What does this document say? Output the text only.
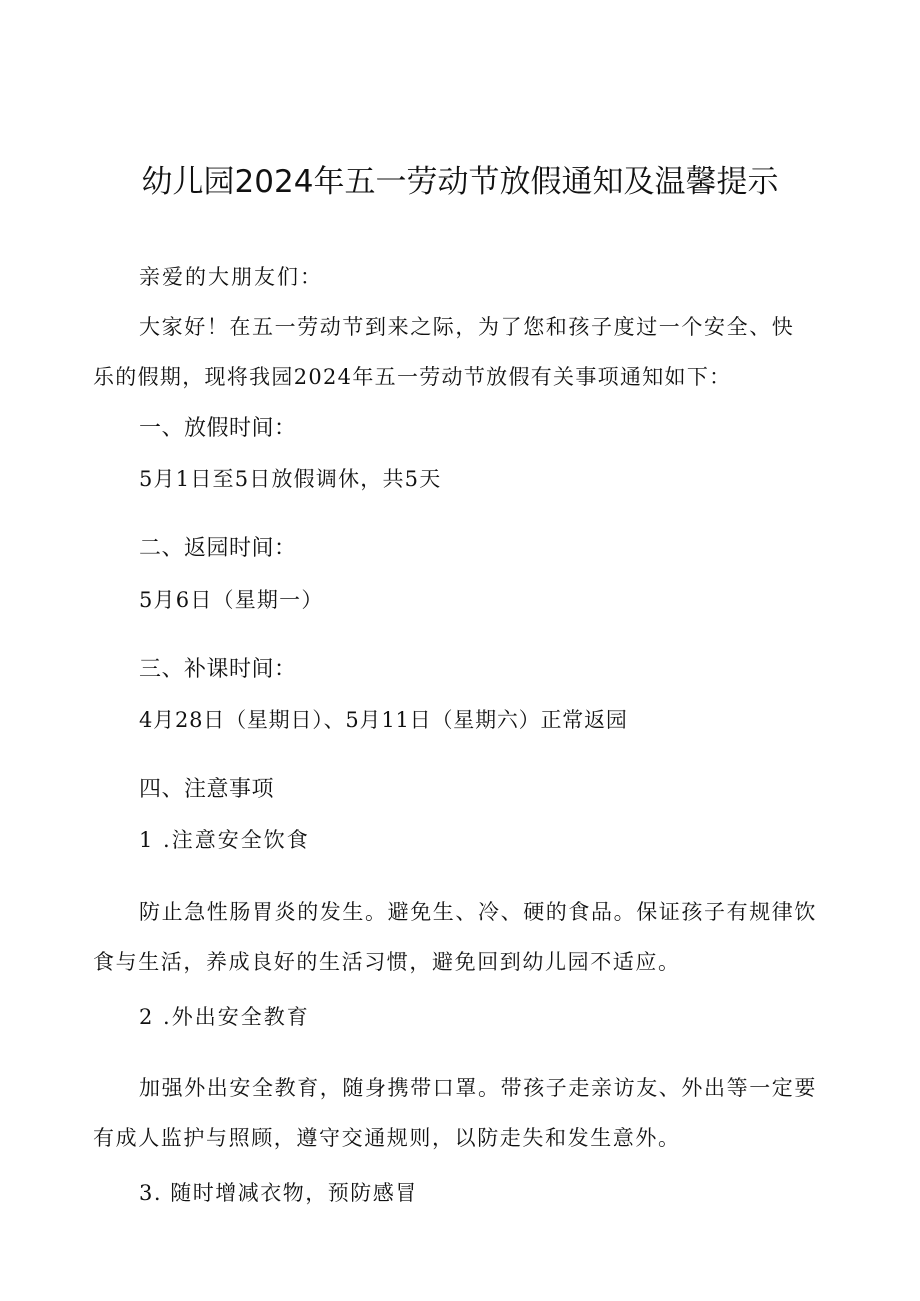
幼儿园2024年五一劳动节放假通知及温馨提示
亲爱的大朋友们：
大家好！在五一劳动节到来之际，为了您和孩子度过一个安全、快
乐的假期，现将我园2024年五一劳动节放假有关事项通知如下：
一、放假时间：
5月1日至5日放假调休，共5天
二、返园时间：
5月6日（星期一）
三、补课时间：
4月28日（星期日）、5月11日（星期六）正常返园
四、注意事项
1 .注意安全饮食
防止急性肠胃炎的发生。避免生、冷、硬的食品。保证孩子有规律饮
食与生活，养成良好的生活习惯，避免回到幼儿园不适应。
2 .外出安全教育
加强外出安全教育，随身携带口罩。带孩子走亲访友、外出等一定要
有成人监护与照顾，遵守交通规则，以防走失和发生意外。
3. 随时增减衣物，预防感冒
